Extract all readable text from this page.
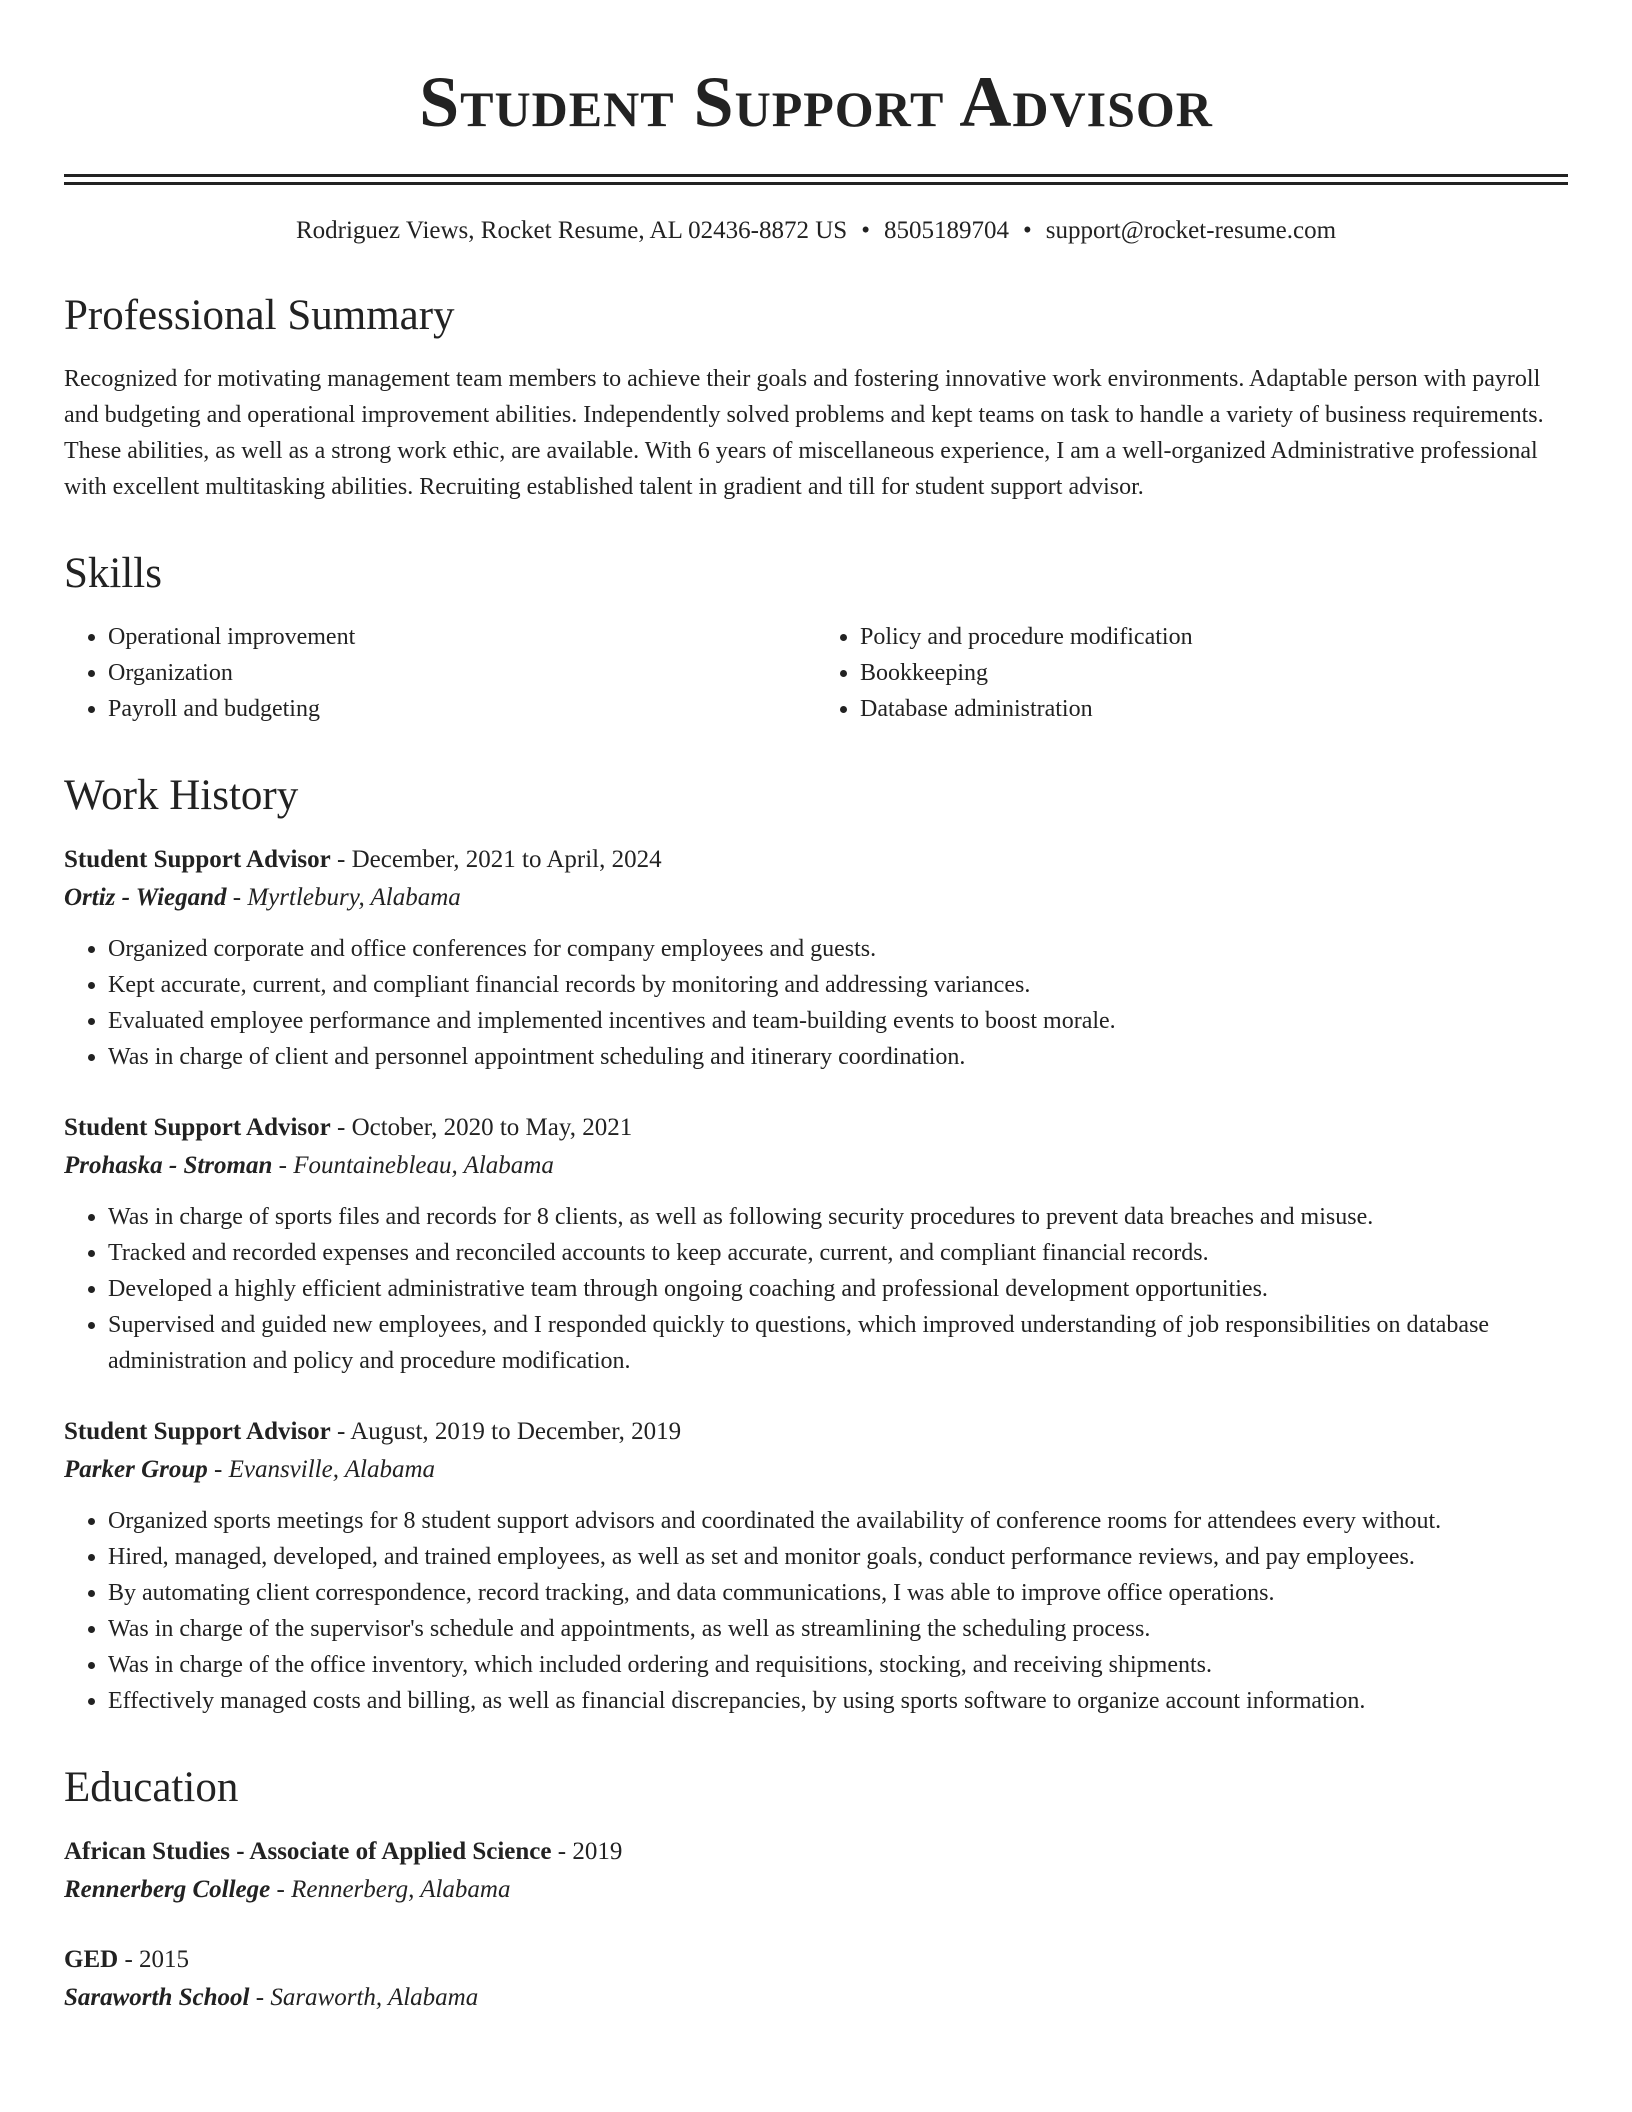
Student Support Advisor
Rodriguez Views, Rocket Resume, AL 02436-8872 US • 8505189704 • support@rocket-resume.com
Professional Summary

Recognized for motivating management team members to achieve their goals and fostering innovative work environments. Adaptable person with payroll and budgeting and operational improvement abilities. Independently solved problems and kept teams on task to handle a variety of business requirements. These abilities, as well as a strong work ethic, are available. With 6 years of miscellaneous experience, I am a well-organized Administrative professional with excellent multitasking abilities. Recruiting established talent in gradient and till for student support advisor.

Skills
• Operational improvement
• Organization
• Payroll and budgeting
• Policy and procedure modification
• Bookkeeping
• Database administration
Work History
Student Support Advisor - December, 2021 to April, 2024
Ortiz - Wiegand - Myrtlebury, Alabama
• Organized corporate and office conferences for company employees and guests.
• Kept accurate, current, and compliant financial records by monitoring and addressing variances.
• Evaluated employee performance and implemented incentives and team-building events to boost morale.
• Was in charge of client and personnel appointment scheduling and itinerary coordination.
Student Support Advisor - October, 2020 to May, 2021
Prohaska - Stroman - Fountainebleau, Alabama
• Was in charge of sports files and records for 8 clients, as well as following security procedures to prevent data breaches and misuse.
• Tracked and recorded expenses and reconciled accounts to keep accurate, current, and compliant financial records.
• Developed a highly efficient administrative team through ongoing coaching and professional development opportunities.
• Supervised and guided new employees, and I responded quickly to questions, which improved understanding of job responsibilities on database administration and policy and procedure modification.
Student Support Advisor - August, 2019 to December, 2019
Parker Group - Evansville, Alabama
• Organized sports meetings for 8 student support advisors and coordinated the availability of conference rooms for attendees every without.
• Hired, managed, developed, and trained employees, as well as set and monitor goals, conduct performance reviews, and pay employees.
• By automating client correspondence, record tracking, and data communications, I was able to improve office operations.
• Was in charge of the supervisor's schedule and appointments, as well as streamlining the scheduling process.
• Was in charge of the office inventory, which included ordering and requisitions, stocking, and receiving shipments.
• Effectively managed costs and billing, as well as financial discrepancies, by using sports software to organize account information.
Education
African Studies - Associate of Applied Science - 2019
Rennerberg College - Rennerberg, Alabama
GED - 2015
Saraworth School - Saraworth, Alabama
